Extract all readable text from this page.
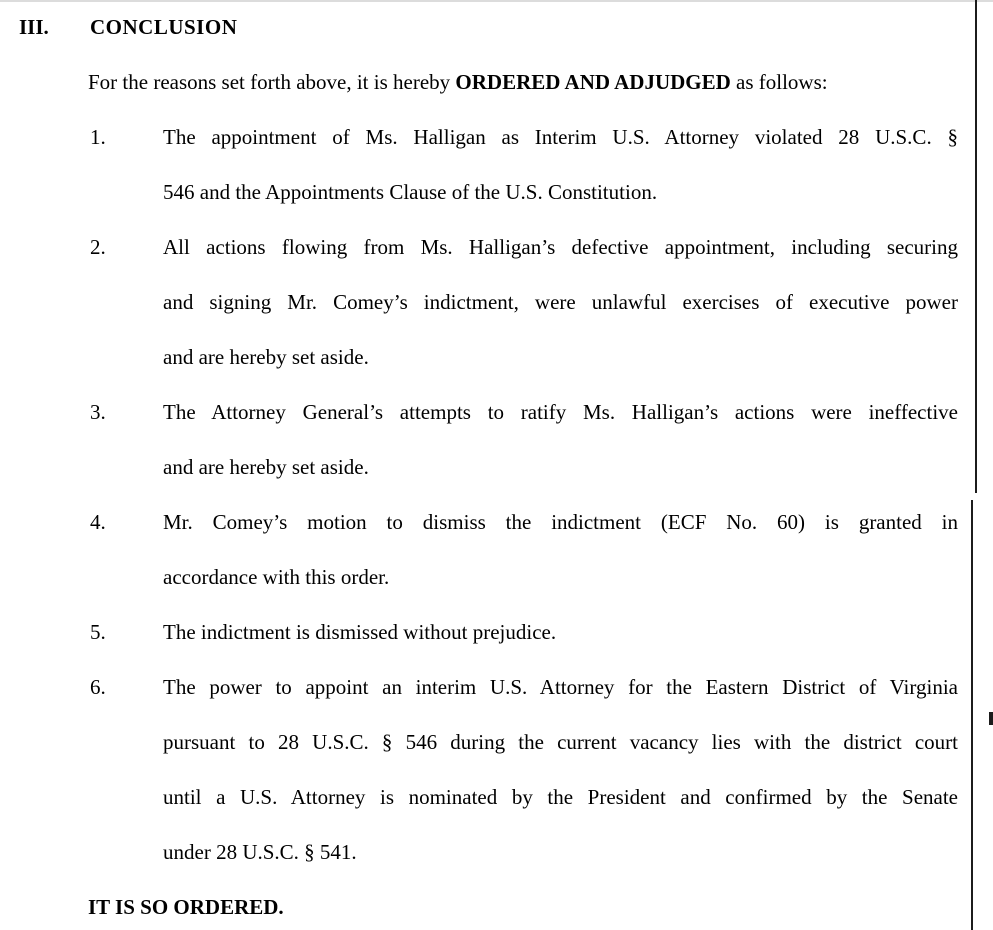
III. CONCLUSION
For the reasons set forth above, it is hereby ORDERED AND ADJUDGED as follows:
1.	The appointment of Ms. Halligan as Interim U.S. Attorney violated 28 U.S.C. §
546 and the Appointments Clause of the U.S. Constitution.
2.	All actions flowing from Ms. Halligan’s defective appointment, including securing
and signing Mr. Comey’s indictment, were unlawful exercises of executive power
and are hereby set aside.
3.	The Attorney General’s attempts to ratify Ms. Halligan’s actions were ineffective
and are hereby set aside.
4.	Mr. Comey’s motion to dismiss the indictment (ECF No. 60) is granted in
accordance with this order.
5.	The indictment is dismissed without prejudice.
6.	The power to appoint an interim U.S. Attorney for the Eastern District of Virginia
pursuant to 28 U.S.C. § 546 during the current vacancy lies with the district court
until a U.S. Attorney is nominated by the President and confirmed by the Senate
under 28 U.S.C. § 541.
IT IS SO ORDERED.
